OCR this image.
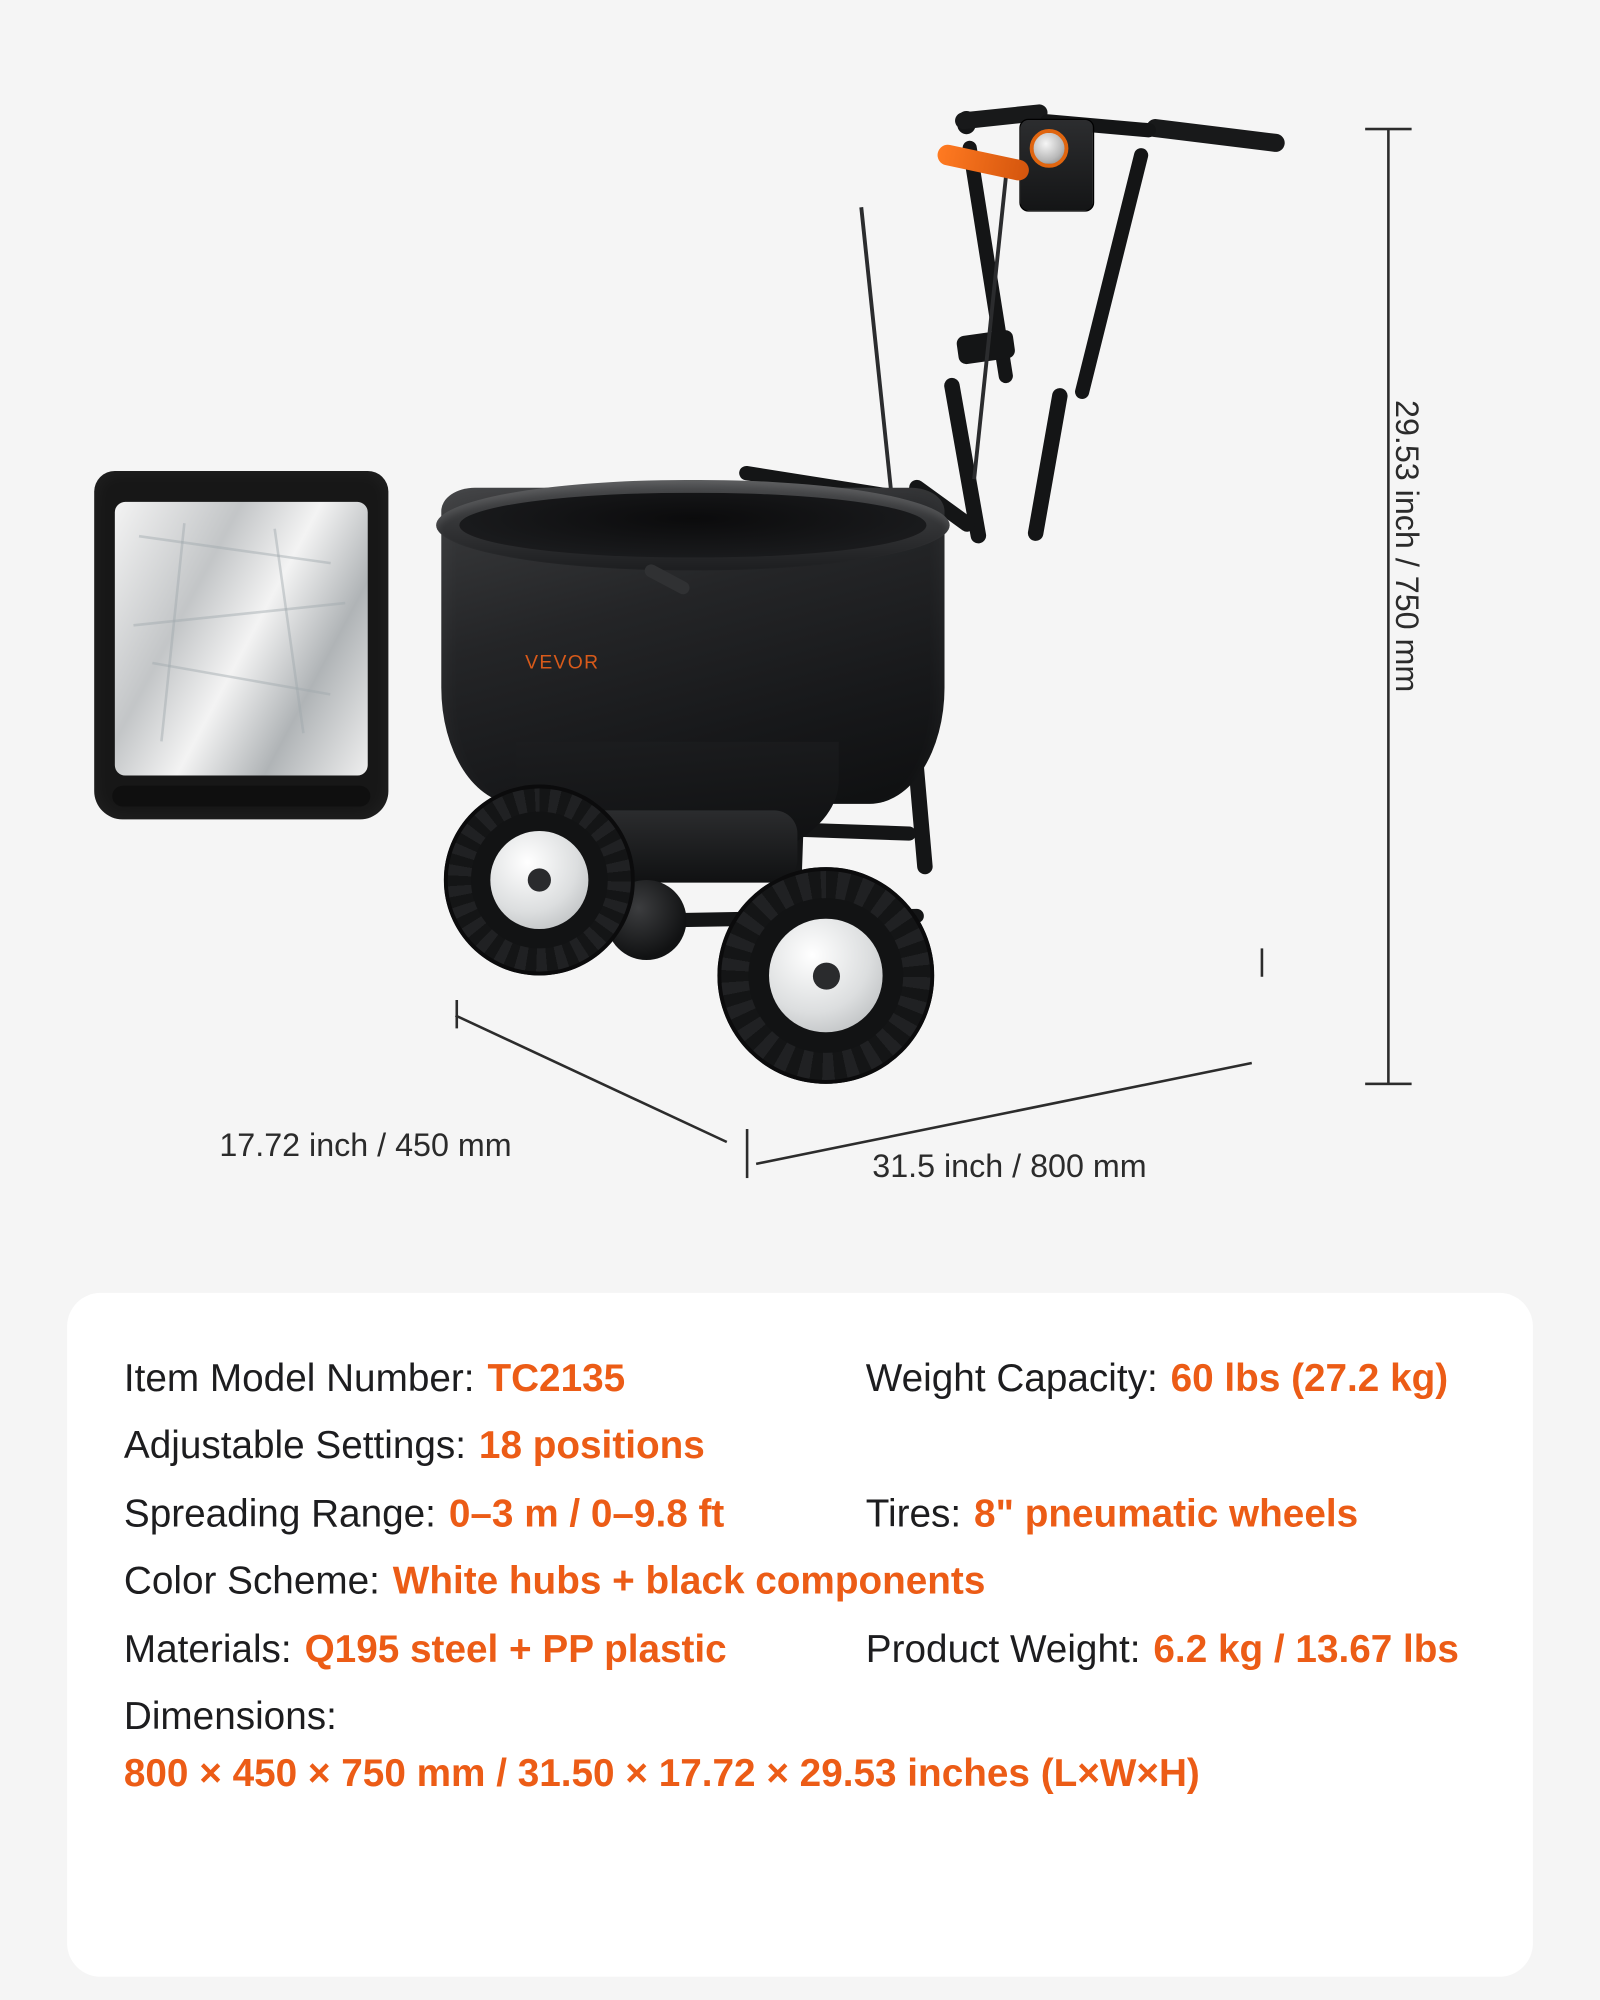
VEVOR	29.53 inch / 750 mm
17.72 inch / 450 mm
31.5 inch / 800 mm
Item Model Number: TC2135	Weight Capacity: 60 lbs (27.2 kg)
Adjustable Settings: 18 positions
Spreading Range: 0–3 m / 0–9.8 ft	Tires: 8" pneumatic wheels
Color Scheme: White hubs + black components
Materials: Q195 steel + PP plastic	Product Weight: 6.2 kg / 13.67 lbs
Dimensions:
800 × 450 × 750 mm / 31.50 × 17.72 × 29.53 inches (L×W×H)
